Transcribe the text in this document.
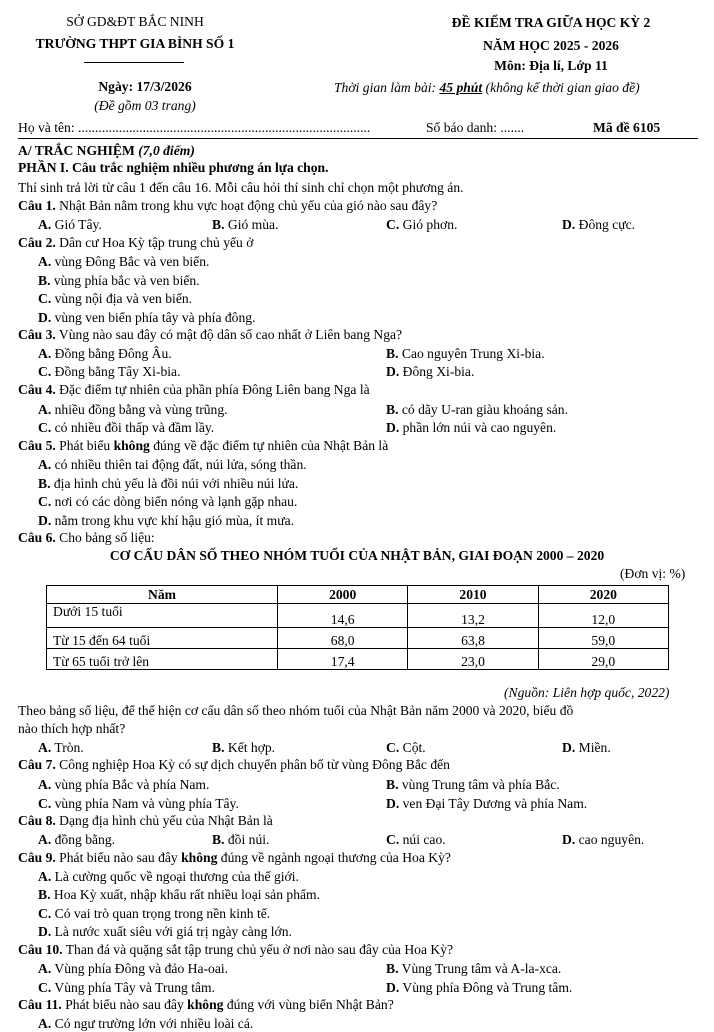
SỞ GD&ĐT BẮC NINH
TRƯỜNG THPT GIA BÌNH SỐ 1
ĐỀ KIỂM TRA GIỮA HỌC KỲ 2
NĂM HỌC 2025 - 2026
Môn: Địa lí, Lớp 11
Ngày: 17/3/2026
(Đề gồm 03 trang)
Thời gian làm bài: 45 phút (không kể thời gian giao đề)
Họ và tên: ......................................................................................	Số báo danh: .......	Mã đề 6105
A/ TRẮC NGHIỆM (7,0 điểm)
PHẦN I. Câu trắc nghiệm nhiều phương án lựa chọn.
Thí sinh trả lời từ câu 1 đến câu 16. Mỗi câu hỏi thí sinh chỉ chọn một phương án.
Câu 1. Nhật Bản nằm trong khu vực hoạt động chủ yếu của gió nào sau đây?
A. Gió Tây.	B. Gió mùa.	C. Gió phơn.	D. Đông cực.
Câu 2. Dân cư Hoa Kỳ tập trung chủ yếu ở
A. vùng Đông Bắc và ven biển.
B. vùng phía bắc và ven biển.
C. vùng nội địa và ven biển.
D. vùng ven biển phía tây và phía đông.
Câu 3. Vùng nào sau đây có mật độ dân số cao nhất ở Liên bang Nga?
A. Đồng bằng Đông Âu.	B. Cao nguyên Trung Xi-bia.
C. Đồng bằng Tây Xi-bia.	D. Đông Xi-bia.
Câu 4. Đặc điểm tự nhiên của phần phía Đông Liên bang Nga là
A. nhiều đồng bằng và vùng trũng.	B. có dãy U-ran giàu khoáng sản.
C. có nhiều đồi thấp và đầm lầy.	D. phần lớn núi và cao nguyên.
Câu 5. Phát biểu không đúng về đặc điểm tự nhiên của Nhật Bản là
A. có nhiều thiên tai động đất, núi lửa, sóng thần.
B. địa hình chủ yếu là đồi núi với nhiều núi lửa.
C. nơi có các dòng biển nóng và lạnh gặp nhau.
D. nằm trong khu vực khí hậu gió mùa, ít mưa.
Câu 6. Cho bảng số liệu:
CƠ CẤU DÂN SỐ THEO NHÓM TUỔI CỦA NHẬT BẢN, GIAI ĐOẠN 2000 – 2020
(Đơn vị: %)
Năm	2000	2010	2020
Dưới 15 tuổi	14,6	13,2	12,0
Từ 15 đến 64 tuổi	68,0	63,8	59,0
Từ 65 tuổi trở lên	17,4	23,0	29,0
(Nguồn: Liên hợp quốc, 2022)
Theo bảng số liệu, để thể hiện cơ cấu dân số theo nhóm tuổi của Nhật Bản năm 2000 và 2020, biểu đồ
nào thích hợp nhất?
A. Tròn.	B. Kết hợp.	C. Cột.	D. Miền.
Câu 7. Công nghiệp Hoa Kỳ có sự dịch chuyển phân bố từ vùng Đông Bắc đến
A. vùng phía Bắc và phía Nam.	B. vùng Trung tâm và phía Bắc.
C. vùng phía Nam và vùng phía Tây.	D. ven Đại Tây Dương và phía Nam.
Câu 8. Dạng địa hình chủ yếu của Nhật Bản là
A. đồng bằng.	B. đồi núi.	C. núi cao.	D. cao nguyên.
Câu 9. Phát biểu nào sau đây không đúng về ngành ngoại thương của Hoa Kỳ?
A. Là cường quốc về ngoại thương của thế giới.
B. Hoa Kỳ xuất, nhập khẩu rất nhiều loại sản phẩm.
C. Có vai trò quan trọng trong nền kinh tế.
D. Là nước xuất siêu với giá trị ngày càng lớn.
Câu 10. Than đá và quặng sắt tập trung chủ yếu ở nơi nào sau đây của Hoa Kỳ?
A. Vùng phía Đông và đảo Ha-oai.	B. Vùng Trung tâm và A-la-xca.
C. Vùng phía Tây và Trung tâm.	D. Vùng phía Đông và Trung tâm.
Câu 11. Phát biểu nào sau đây không đúng với vùng biển Nhật Bản?
A. Có ngư trường lớn với nhiều loài cá.
